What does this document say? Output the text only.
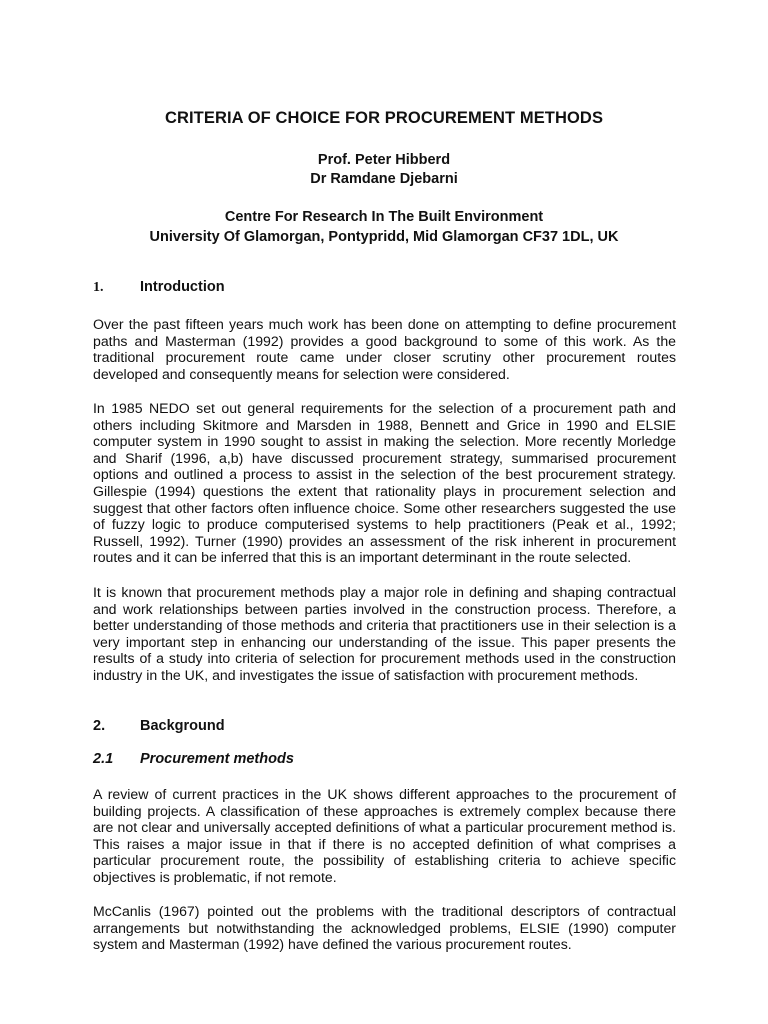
CRITERIA OF CHOICE FOR PROCUREMENT METHODS
Prof. Peter Hibberd
Dr Ramdane Djebarni
Centre For Research In The Built Environment
University Of Glamorgan, Pontypridd, Mid Glamorgan CF37 1DL, UK
1.	Introduction

Over the past fifteen years much work has been done on attempting to define procurement paths and Masterman (1992) provides a good background to some of this work. As the traditional procurement route came under closer scrutiny other procurement routes developed and consequently means for selection were considered.

In 1985 NEDO set out general requirements for the selection of a procurement path and others including Skitmore and Marsden in 1988, Bennett and Grice in 1990 and ELSIE computer system in 1990 sought to assist in making the selection. More recently Morledge and Sharif (1996, a,b) have discussed procurement strategy, summarised procurement options and outlined a process to assist in the selection of the best procurement strategy. Gillespie (1994) questions the extent that rationality plays in procurement selection and suggest that other factors often influence choice. Some other researchers suggested the use of fuzzy logic to produce computerised systems to help practitioners (Peak et al., 1992; Russell, 1992). Turner (1990) provides an assessment of the risk inherent in procurement routes and it can be inferred that this is an important determinant in the route selected.

It is known that procurement methods play a major role in defining and shaping contractual and work relationships between parties involved in the construction process. Therefore, a better understanding of those methods and criteria that practitioners use in their selection is a very important step in enhancing our understanding of the issue. This paper presents the results of a study into criteria of selection for procurement methods used in the construction industry in the UK, and investigates the issue of satisfaction with procurement methods.

2. Background
2.1 Procurement methods

A review of current practices in the UK shows different approaches to the procurement of building projects. A classification of these approaches is extremely complex because there are not clear and universally accepted definitions of what a particular procurement method is. This raises a major issue in that if there is no accepted definition of what comprises a particular procurement route, the possibility of establishing criteria to achieve specific objectives is problematic, if not remote.

McCanlis (1967) pointed out the problems with the traditional descriptors of contractual arrangements but notwithstanding the acknowledged problems, ELSIE (1990) computer system and Masterman (1992) have defined the various procurement routes.
